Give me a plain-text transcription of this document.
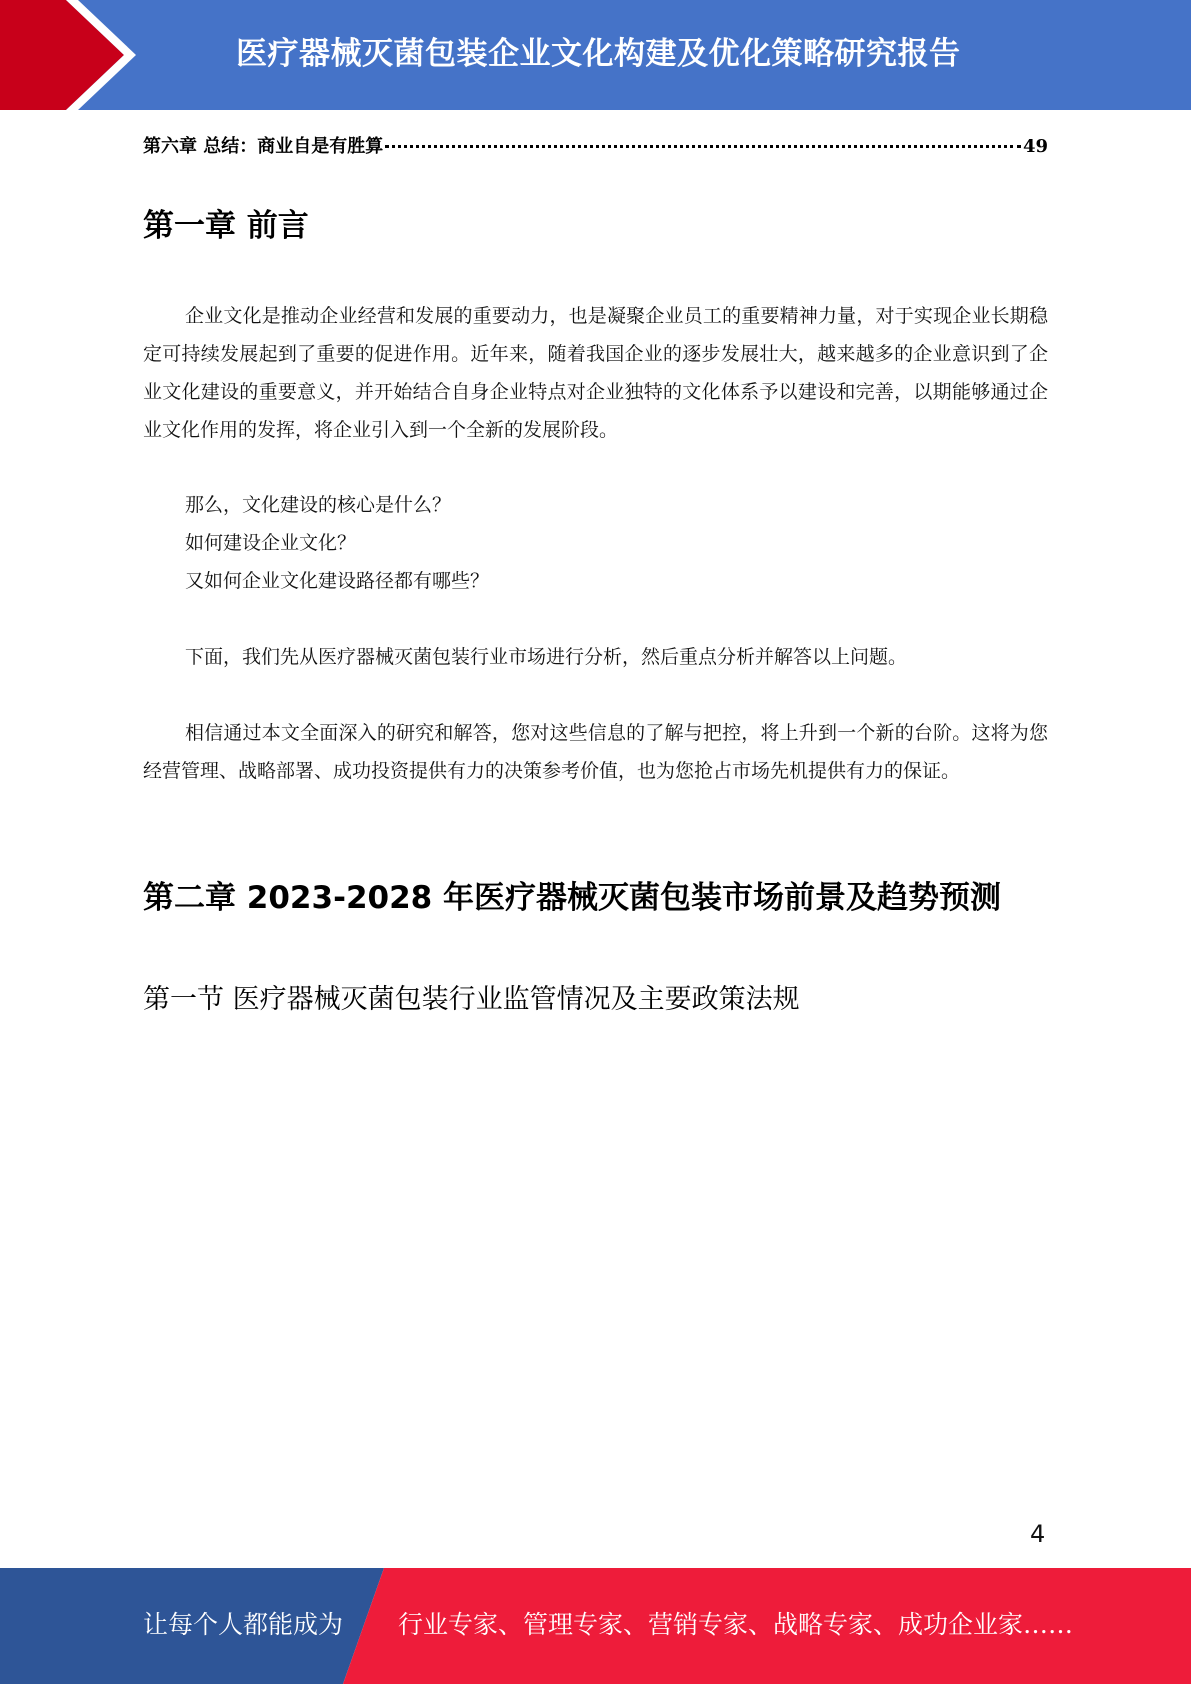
医疗器械灭菌包装企业文化构建及优化策略研究报告
第六章 总结：商业自是有胜算	49
第一章 前言
企业文化是推动企业经营和发展的重要动力，也是凝聚企业员工的重要精神力量，对于实现企业长期稳定可持续发展起到了重要的促进作用。近年来，随着我国企业的逐步发展壮大，越来越多的企业意识到了企业文化建设的重要意义，并开始结合自身企业特点对企业独特的文化体系予以建设和完善，以期能够通过企业文化作用的发挥，将企业引入到一个全新的发展阶段。
那么，文化建设的核心是什么？
如何建设企业文化？
又如何企业文化建设路径都有哪些？
下面，我们先从医疗器械灭菌包装行业市场进行分析，然后重点分析并解答以上问题。
相信通过本文全面深入的研究和解答，您对这些信息的了解与把控，将上升到一个新的台阶。这将为您经营管理、战略部署、成功投资提供有力的决策参考价值，也为您抢占市场先机提供有力的保证。
第二章 2023-2028 年医疗器械灭菌包装市场前景及趋势预测
第一节 医疗器械灭菌包装行业监管情况及主要政策法规
4
让每个人都能成为 行业专家、管理专家、营销专家、战略专家、成功企业家……
